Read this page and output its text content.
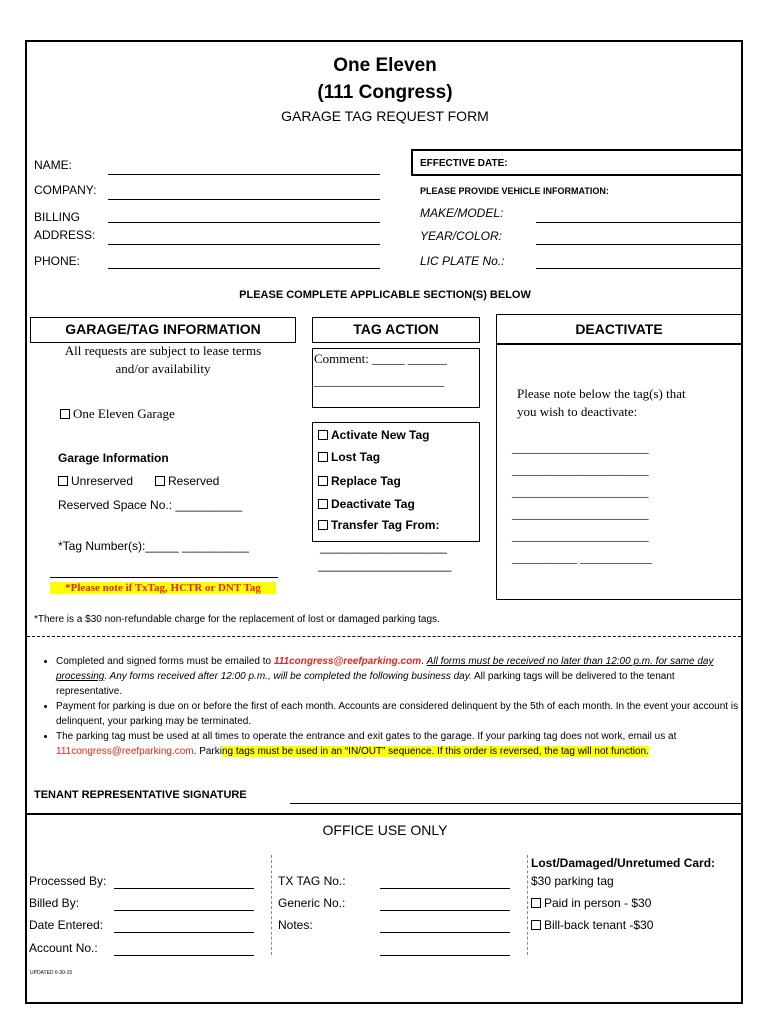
One Eleven
(111 Congress)
GARAGE TAG REQUEST FORM
NAME:
COMPANY:
BILLING
ADDRESS:
PHONE:
EFFECTIVE DATE:
PLEASE PROVIDE VEHICLE INFORMATION:
MAKE/MODEL:
YEAR/COLOR:
LIC PLATE No.:
PLEASE COMPLETE APPLICABLE SECTION(S) BELOW
GARAGE/TAG INFORMATION	TAG ACTION	DEACTIVATE
All requests are subject to lease terms
and/or availability
One Eleven Garage
Garage Information
Unreserved	Reserved
Reserved Space No.: __________
*Tag Number(s):_____ __________
*Please note if TxTag, HCTR or DNT Tag
Comment: _____ ______
____________________
Activate New Tag
Lost Tag
Replace Tag
Deactivate Tag
Transfer Tag From:
___________________
____________________
Please note below the tag(s) that
you wish to deactivate:
_____________________
_____________________
_____________________
_____________________
_____________________
__________ ___________
*There is a $30 non-refundable charge for the replacement of lost or damaged parking tags.
• Completed and signed forms must be emailed to 111congress@reefparking.com. All forms must be received no later than 12:00 p.m. for same day processing. Any forms received after 12:00 p.m., will be completed the following business day. All parking tags will be delivered to the tenant representative.
• Payment for parking is due on or before the first of each month. Accounts are considered delinquent by the 5th of each month. In the event your account is delinquent, your parking may be terminated.
• The parking tag must be used at all times to operate the entrance and exit gates to the garage. If your parking tag does not work, email us at 111congress@reefparking.com. Parking tags must be used in an “IN/OUT” sequence. If this order is reversed, the tag will not function.
TENANT REPRESENTATIVE SIGNATURE
OFFICE USE ONLY
Processed By:
Billed By:
Date Entered:
Account No.:
TX TAG No.:
Generic No.:
Notes:
Lost/Damaged/Unretumed Card:
$30 parking tag
Paid in person - $30
Bill-back tenant -$30
UPDATED 6-30-15
